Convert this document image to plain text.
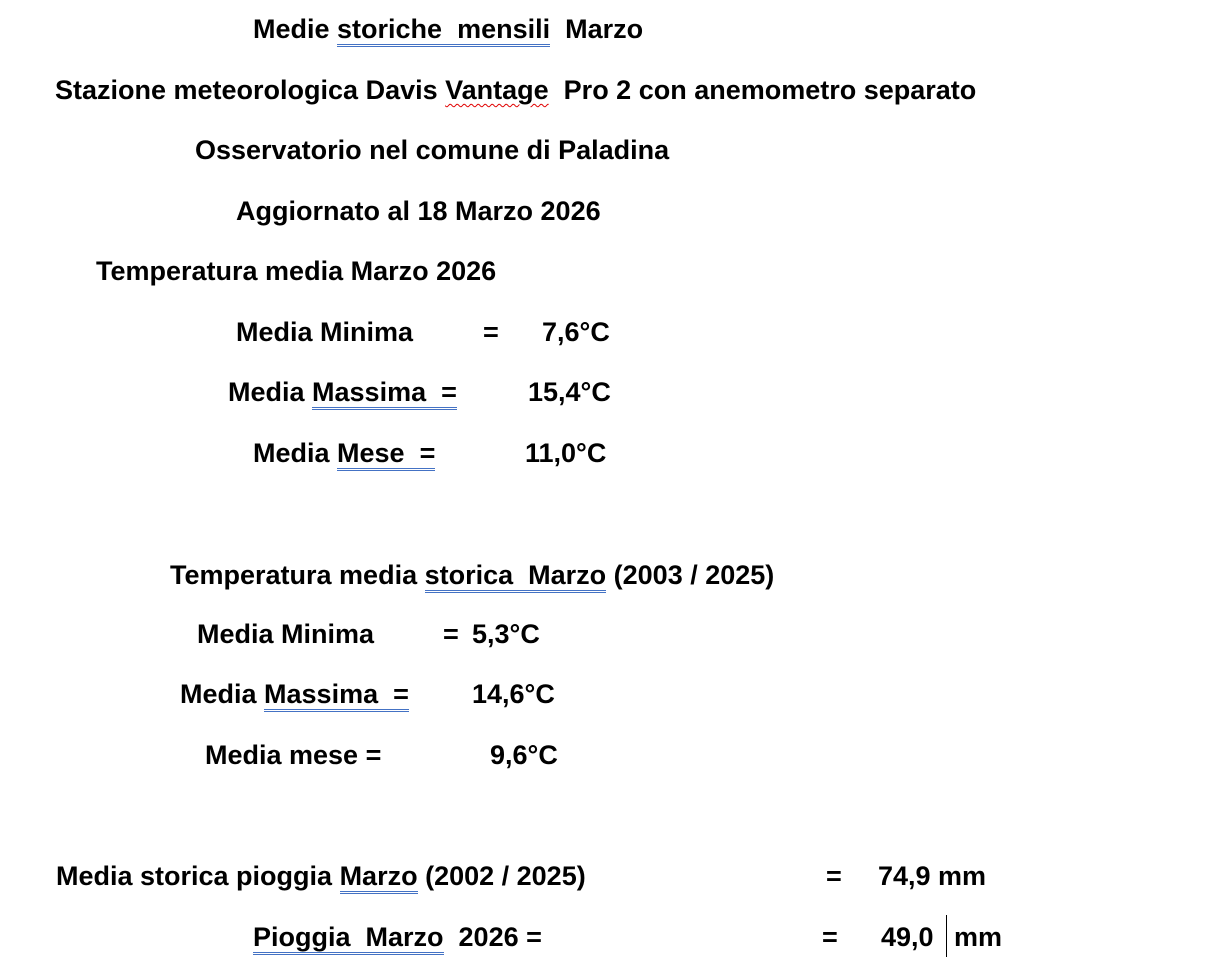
Medie storiche  mensili  Marzo
Stazione meteorologica Davis Vantage  Pro 2 con anemometro separato
Osservatorio nel comune di Paladina
Aggiornato al 18 Marzo 2026
Temperatura media Marzo 2026
Media Minima	= 7,6°C
Media Massima  =	15,4°C
Media Mese  =	11,0°C
Temperatura media storica  Marzo (2003 / 2025)
Media Minima	= 5,3°C
Media Massima  = 14,6°C
Media mese =	9,6°C
Media storica pioggia Marzo (2002 / 2025)	= 74,9 mm
Pioggia  Marzo  2026 =	= 49,0 mm
